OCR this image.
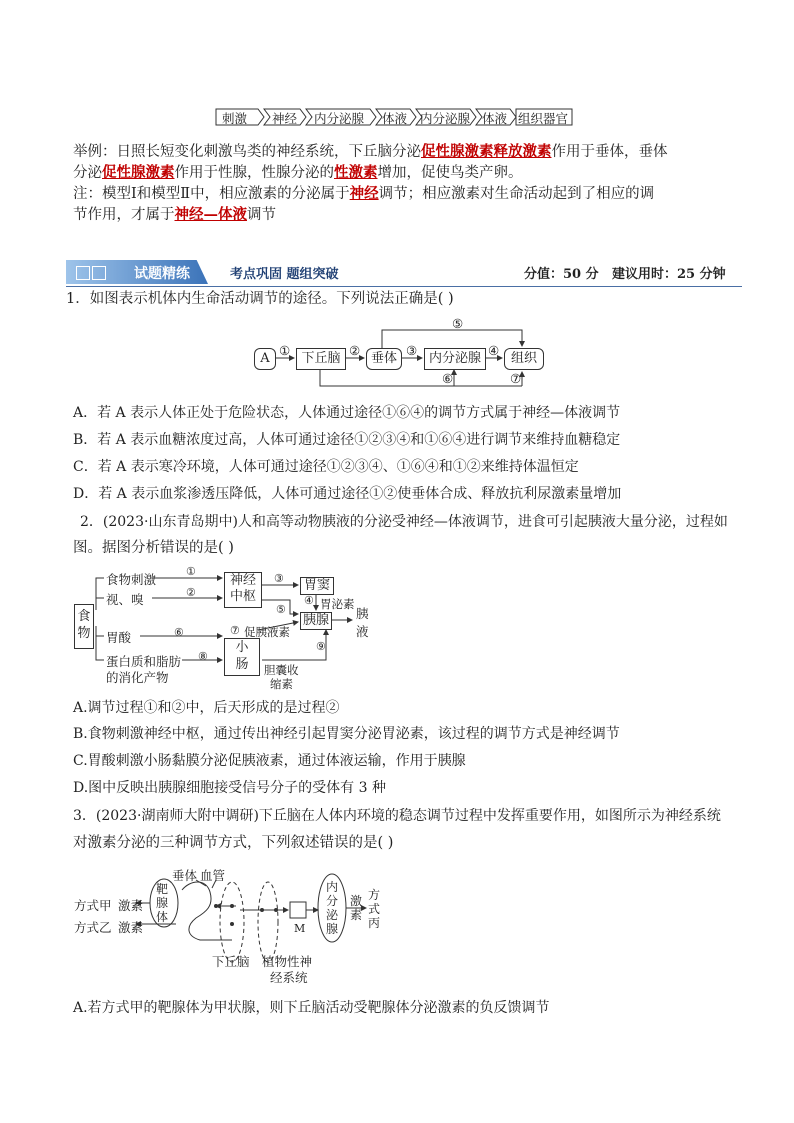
刺激 神经 内分泌腺 体液 内分泌腺 体液 组织器官
举例：日照长短变化刺激鸟类的神经系统，下丘脑分泌促性腺激素释放激素作用于垂体，垂体
分泌促性腺激素作用于性腺，性腺分泌的性激素增加，促使鸟类产卵。
注：模型Ⅰ和模型Ⅱ中，相应激素的分泌属于神经调节；相应激素对生命活动起到了相应的调
节作用，才属于神经—体液调节
试题精练	考点巩固 题组突破	分值：50 分 建议用时：25 分钟
1．如图表示机体内生命活动调节的途径。下列说法正确是( )
A	下丘脑	垂体	内分泌腺	组织
①	②	③	④
⑤
⑥	⑦
A．若 A 表示人体正处于危险状态，人体通过途径①⑥④的调节方式属于神经—体液调节
B．若 A 表示血糖浓度过高，人体可通过途径①②③④和①⑥④进行调节来维持血糖稳定
C．若 A 表示寒冷环境，人体可通过途径①②③④、①⑥④和①②来维持体温恒定
D．若 A 表示血浆渗透压降低，人体可通过途径①②使垂体合成、释放抗利尿激素量增加
2．(2023·山东青岛期中)人和高等动物胰液的分泌受神经—体液调节，进食可引起胰液大量分泌，过程如
图。据图分析错误的是( )
食物
食物刺激
视、嗅
胃酸
蛋白质和脂肪
的消化产物
神经
中枢
胃窦
胰腺
小
肠
胃泌素
胰
液
促胰液素
胆囊收
缩素
①
②
③
④
⑤
⑥	⑦
⑧
⑨
A.调节过程①和②中，后天形成的是过程②
B.食物刺激神经中枢，通过传出神经引起胃窦分泌胃泌素，该过程的调节方式是神经调节
C.胃酸刺激小肠黏膜分泌促胰液素，通过体液运输，作用于胰腺
D.图中反映出胰腺细胞接受信号分子的受体有 3 种
3．(2023·湖南师大附中调研)下丘脑在人体内环境的稳态调节过程中发挥重要作用，如图所示为神经系统
对激素分泌的三种调节方式，下列叙述错误的是( )
方式甲 激素
方式乙 激素
靶腺体
垂体 血管
下丘脑 植物性神
经系统
M
内分泌腺
激素
方式丙
A.若方式甲的靶腺体为甲状腺，则下丘脑活动受靶腺体分泌激素的负反馈调节
